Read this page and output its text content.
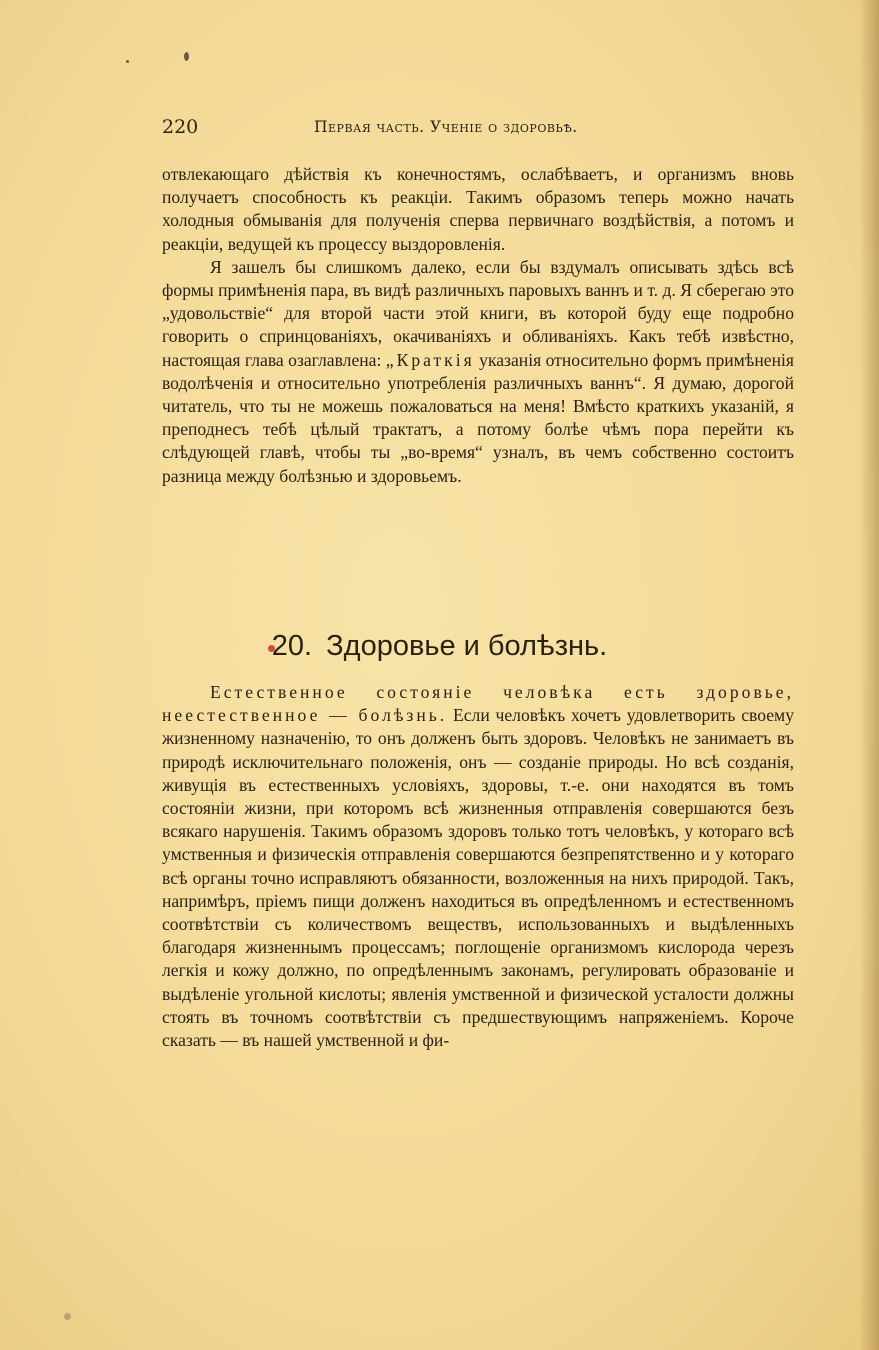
220	Первая часть. Ученіе о здоровьѣ.

отвлекающаго дѣйствія къ конечностямъ, ослабѣваетъ, и организмъ вновь получаетъ способность къ реакціи. Такимъ образомъ теперь можно начать холодныя обмыванія для полученія сперва первичнаго воздѣйствія, а потомъ и реакціи, ведущей къ процессу выздоровленія.

Я зашелъ бы слишкомъ далеко, если бы вздумалъ описывать здѣсь всѣ формы примѣненія пара, въ видѣ различныхъ паровыхъ ваннъ и т. д. Я сберегаю это „удовольствіе“ для второй части этой книги, въ которой буду еще подробно говорить о спринцованіяхъ, окачиваніяхъ и обливаніяхъ. Какъ тебѣ извѣстно, настоящая глава озаглавлена: „Краткія указанія относительно формъ примѣненія водолѣченія и относительно употребленія различныхъ ваннъ“. Я думаю, дорогой читатель, что ты не можешь пожаловаться на меня! Вмѣсто краткихъ указаній, я преподнесъ тебѣ цѣлый трактатъ, а потому болѣе чѣмъ пора перейти къ слѣдующей главѣ, чтобы ты „во-время“ узналъ, въ чемъ собственно состоитъ разница между болѣзнью и здоровьемъ.

20. Здоровье и болѣзнь.

Естественное состояніе человѣка есть здоровье, неестественное — болѣзнь. Если человѣкъ хочетъ удовлетворить своему жизненному назначенію, то онъ долженъ быть здоровъ. Человѣкъ не занимаетъ въ природѣ исключительнаго положенія, онъ — созданіе природы. Но всѣ созданія, живущія въ естественныхъ условіяхъ, здоровы, т.-е. они находятся въ томъ состояніи жизни, при которомъ всѣ жизненныя отправленія совершаются безъ всякаго нарушенія. Такимъ образомъ здоровъ только тотъ человѣкъ, у котораго всѣ умственныя и физическія отправленія совершаются безпрепятственно и у котораго всѣ органы точно исправляютъ обязанности, возложенныя на нихъ природой. Такъ, напримѣръ, пріемъ пищи долженъ находиться въ опредѣленномъ и естественномъ соотвѣтствіи съ количествомъ веществъ, использованныхъ и выдѣленныхъ благодаря жизненнымъ процессамъ; поглощеніе организмомъ кислорода черезъ легкія и кожу должно, по опредѣленнымъ законамъ, регулировать образованіе и выдѣленіе угольной кислоты; явленія умственной и физической усталости должны стоять въ точномъ соотвѣтствіи съ предшествующимъ напряженіемъ. Короче сказать — въ нашей умственной и фи-
